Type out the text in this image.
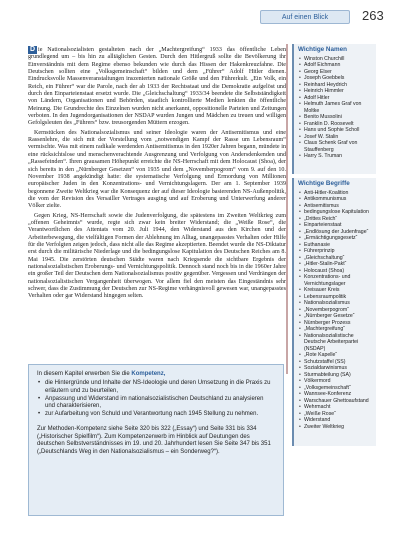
Auf einen Blick	263

D ie Nationalsozialisten gestalteten nach der „Machtergreifung“ 1933 das öffentliche Leben grundlegend um – bis hin zu alltäglichen Gesten. Durch den Hitlergruß sollte die Bevölkerung ihr Einverständnis mit dem Regime ebenso bekunden wie durch das Hissen der Hakenkreuzfahne. Die Deutschen sollten eine „Volksgemeinschaft“ bilden und dem „Führer“ Adolf Hitler dienen. Eindrucksvolle Massenveranstaltungen inszenierten nationale Größe und den Führerkult. „Ein Volk, ein Reich, ein Führer“ war die Parole, nach der ab 1933 der Rechtsstaat und die Demokratie aufgelöst und durch den Einparteienstaat ersetzt wurde. Die „Gleichschaltung“ 1933/34 beendete die Selbstständigkeit von Ländern, Organisationen und Behörden, staatlich kontrollierte Medien lenkten die öffentliche Meinung. Die Grundrechte des Einzelnen wurden nicht anerkannt, oppositionelle Parteien und Zeitungen verboten. In den Jugendorganisationen der NSDAP wurden Jungen und Mädchen zu treuen und willigen Gefolgsleuten des „Führers“ bzw. treusorgenden Müttern erzogen.

Kernstücken des Nationalsozialismus und seiner Ideologie waren der Antisemitismus und eine Rassenlehre, die sich mit der Vorstellung vom „notwendigen Kampf der Rasse um Lebensraum“ vermischte. Was mit einem radikale werdenden Antisemitismus in den 1920er Jahren begann, mündete in eine rücksichtslose und menschenverachtende Ausgrenzung und Verfolgung von Andersdenkenden und „Rassefeinden“. Ihren grausamen Höhepunkt erreichte die NS-Herrschaft mit dem Holocaust (Shoa), der sich bereits in den „Nürnberger Gesetzen“ von 1935 und dem „Novemberpogrom“ vom 9. auf den 10. November 1938 angekündigt hatte: die systematische Verfolgung und Ermordung von Millionen europäischer Juden in den Konzentrations- und Vernichtungslagern. Der am 1. September 1939 begonnene Zweite Weltkrieg war die Konsequenz der auf dieser Ideologie basierenden NS-Außenpolitik, die vom der Revision des Versailler Vertrages ausging und auf Eroberung und Unterwerfung anderer Völker zielte.

Gegen Krieg, NS-Herrschaft sowie die Judenverfolgung, die spätestens im Zweiten Weltkrieg zum „offenen Geheimnis“ wurde, regte sich zwar kein breiter Widerstand; die „Weiße Rose“, die Verantwortlichen des Attentats vom 20. Juli 1944, den Widerstand aus den Kirchen und der Arbeiterbewegung, die vielfältigen Formen der Ablehnung im Alltag, unangepasstes Verhalten oder Hilfe für die Verfolgten zeigen jedoch, dass nicht alle das Regime akzeptierten. Beendet wurde die NS-Diktatur erst durch die militärische Niederlage und die bedingungslose Kapitulation des Deutschen Reiches am 8. Mai 1945. Die zerstörten deutschen Städte waren nach Kriegsende die sichtbare Ergebnis der nationalsozialistischen Eroberungs- und Vernichtungspolitik. Dennoch stand noch bis in die 1960er Jahre ein großer Teil der Deutschen dem Nationalsozialismus positiv gegenüber. Vergessen und Verdrängen der nationalsozialistischen Vergangenheit überwogen. Vor allem fiel den meisten das Eingeständnis sehr schwer, dass die Zustimmung der Deutschen zur NS-Regime verhängnisvoll gewesen war, unangepasstes Verhalten oder gar Widerstand hingegen selten.

Wichtige Namen
• Winston Churchill
• Adolf Eichmann
• Georg Elser
• Joseph Goebbels
• Reinhard Heydrich
• Heinrich Himmler
• Adolf Hitler
• Helmuth James Graf von Moltke
• Benito Mussolini
• Franklin D. Roosevelt
• Hans und Sophie Scholl
• Josef W. Stalin
• Claus Schenk Graf von Stauffenberg
• Harry S. Truman
Wichtige Begriffe
• Anti-Hitler-Koalition
• Antikommunismus
• Antisemitismus
• bedingungslose Kapitulation
• „Drittes Reich“
• Einparteienstaat
• „Endlösung der Judenfrage“
• „Ermächtigungsgesetz“
• Euthanasie
• Führerprinzip
• „Gleichschaltung“
• „Hitler-Stalin-Pakt“
• Holocaust (Shoa)
• Konzentrations- und Vernichtungslager
• Kreisauer Kreis
• Lebensraumpolitik
• Nationalsozialismus
• „Novemberpogrom“
• „Nürnberger Gesetze“
• Nürnberger Prozess
• „Machtergreifung“
• Nationalsozialistische Deutsche Arbeiterpartei (NSDAP)
• „Rote Kapelle“
• Schutzstaffel (SS)
• Sozialdarwinismus
• Sturmabteilung (SA)
• Völkermord
• „Volksgemeinschaft“
• Wannsee-Konferenz
• Warschauer Ghettoaufstand
• Wehrmacht
• „Weiße Rose“
• Widerstand
• Zweiter Weltkrieg

In diesem Kapitel erwerben Sie die Kompetenz,

• die Hintergründe und Inhalte der NS-Ideologie und deren Umsetzung in die Praxis zu erläutern und zu beurteilen,
• Anpassung und Widerstand im nationalsozialistischen Deutschland zu analysieren und charakterisieren,
• zur Aufarbeitung von Schuld und Verantwortung nach 1945 Stellung zu nehmen.

Zur Methoden-Kompetenz siehe Seite 320 bis 322 („Essay“) und Seite 331 bis 334 („Historischer Spielfilm“). Zum Kompetenzerwerb im Hinblick auf Deutungen des deutschen Selbstverständnisses im 19. und 20. Jahrhundert lesen Sie Seite 347 bis 351 („Deutschlands Weg in den Nationalsozialismus – ein Sonderweg?“).
